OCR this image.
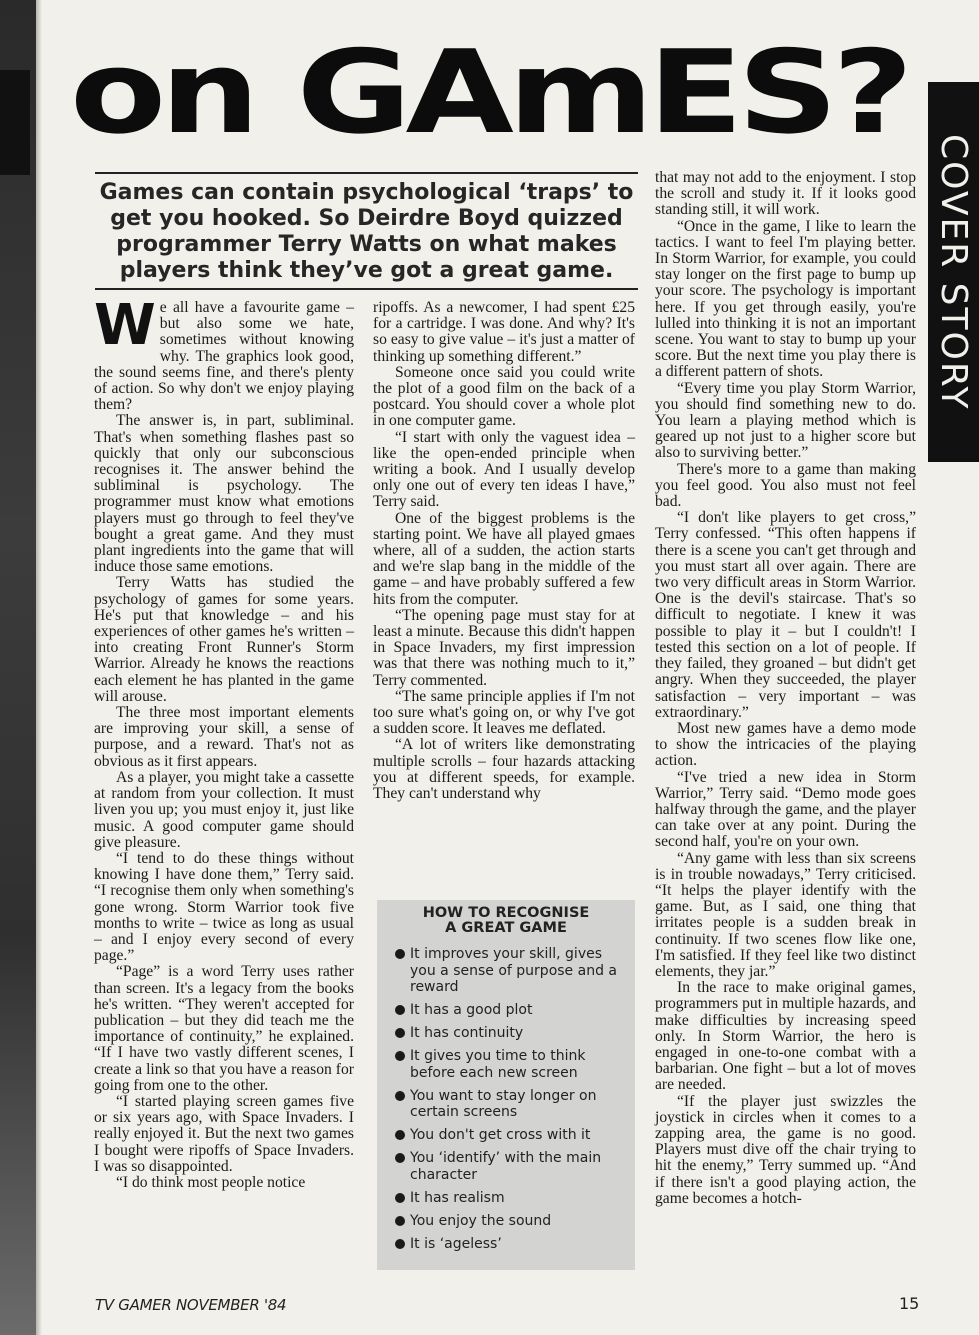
on GAmES?
COVER STORY
Games can contain psychological ‘traps’ to get you hooked. So Deirdre Boyd quizzed programmer Terry Watts on what makes players think they’ve got a great game.

We all have a favourite game – but also some we hate, sometimes without knowing why. The graphics look good, the sound seems fine, and there's plenty of action. So why don't we enjoy playing them?

The answer is, in part, subliminal. That's when something flashes past so quickly that only our subconscious recognises it. The answer behind the subliminal is psychology. The programmer must know what emotions players must go through to feel they've bought a great game. And they must plant ingredients into the game that will induce those same emotions.

Terry Watts has studied the psychology of games for some years. He's put that knowledge – and his experiences of other games he's written – into creating Front Runner's Storm Warrior. Already he knows the reactions each element he has planted in the game will arouse.

The three most important elements are improving your skill, a sense of purpose, and a reward. That's not as obvious as it first appears.

As a player, you might take a cassette at random from your collection. It must liven you up; you must enjoy it, just like music. A good computer game should give pleasure.

“I tend to do these things without knowing I have done them,” Terry said. “I recognise them only when something's gone wrong. Storm Warrior took five months to write – twice as long as usual – and I enjoy every second of every page.”

“Page” is a word Terry uses rather than screen. It's a legacy from the books he's written. “They weren't accepted for publication – but they did teach me the importance of continuity,” he explained. “If I have two vastly different scenes, I create a link so that you have a reason for going from one to the other.

“I started playing screen games five or six years ago, with Space Invaders. I really enjoyed it. But the next two games I bought were ripoffs of Space Invaders. I was so disappointed.

“I do think most people notice

ripoffs. As a newcomer, I had spent £25 for a cartridge. I was done. And why? It's so easy to give value – it's just a matter of thinking up something different.”

Someone once said you could write the plot of a good film on the back of a postcard. You should cover a whole plot in one computer game.

“I start with only the vaguest idea – like the open-ended principle when writing a book. And I usually develop only one out of every ten ideas I have,” Terry said.

One of the biggest problems is the starting point. We have all played gmaes where, all of a sudden, the action starts and we're slap bang in the middle of the game – and have probably suffered a few hits from the computer.

“The opening page must stay for at least a minute. Because this didn't happen in Space Invaders, my first impression was that there was nothing much to it,” Terry commented.

“The same principle applies if I'm not too sure what's going on, or why I've got a sudden score. It leaves me deflated.

“A lot of writers like demonstrating multiple scrolls – four hazards attacking you at different speeds, for example. They can't understand why

that may not add to the enjoyment. I stop the scroll and study it. If it looks good standing still, it will work.

“Once in the game, I like to learn the tactics. I want to feel I'm playing better. In Storm Warrior, for example, you could stay longer on the first page to bump up your score. The psychology is important here. If you get through easily, you're lulled into thinking it is not an important scene. You want to stay to bump up your score. But the next time you play there is a different pattern of shots.

“Every time you play Storm Warrior, you should find something new to do. You learn a playing method which is geared up not just to a higher score but also to surviving better.”

There's more to a game than making you feel good. You also must not feel bad.

“I don't like players to get cross,” Terry confessed. “This often happens if there is a scene you can't get through and you must start all over again. There are two very difficult areas in Storm Warrior. One is the devil's staircase. That's so difficult to negotiate. I knew it was possible to play it – but I couldn't! I tested this section on a lot of people. If they failed, they groaned – but didn't get angry. When they succeeded, the player satisfaction – very important – was extraordinary.”

Most new games have a demo mode to show the intricacies of the playing action.

“I've tried a new idea in Storm Warrior,” Terry said. “Demo mode goes halfway through the game, and the player can take over at any point. During the second half, you're on your own.

“Any game with less than six screens is in trouble nowadays,” Terry criticised. “It helps the player identify with the game. But, as I said, one thing that irritates people is a sudden break in continuity. If two scenes flow like one, I'm satisfied. If they feel like two distinct elements, they jar.”

In the race to make original games, programmers put in multiple hazards, and make difficulties by increasing speed only. In Storm Warrior, the hero is engaged in one-to-one combat with a barbarian. One fight – but a lot of moves are needed.

“If the player just swizzles the joystick in circles when it comes to a zapping area, the game is no good. Players must dive off the chair trying to hit the enemy,” Terry summed up. “And if there isn't a good playing action, the game becomes a hotch-

HOW TO RECOGNISE
A GREAT GAME
It improves your skill, gives you a sense of purpose and a reward
It has a good plot
It has continuity
It gives you time to think before each new screen
You want to stay longer on certain screens
You don't get cross with it
You ‘identify’ with the main character
It has realism
You enjoy the sound
It is ‘ageless’
TV GAMER NOVEMBER '84	15
